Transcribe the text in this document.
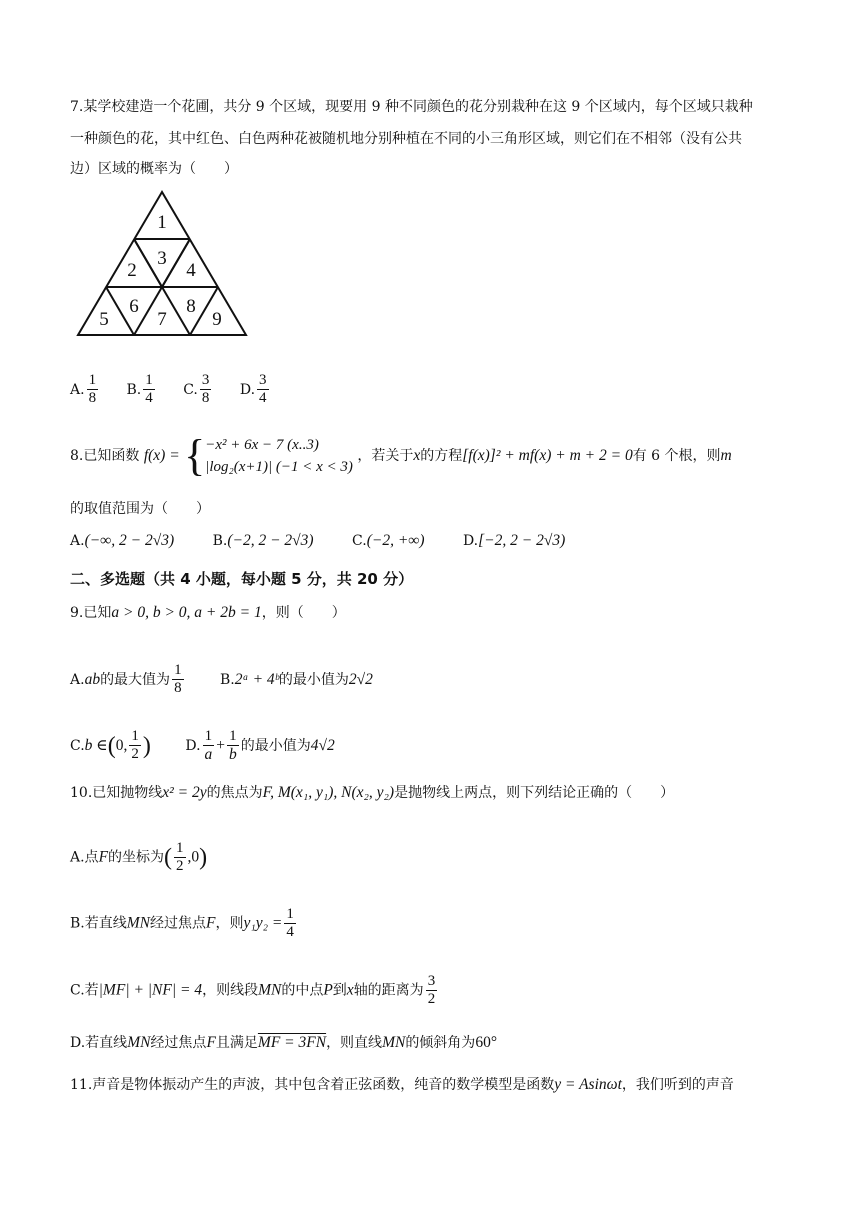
7.某学校建造一个花圃，共分 9 个区域，现要用 9 种不同颜色的花分别栽种在这 9 个区域内，每个区域只栽种
一种颜色的花，其中红色、白色两种花被随机地分别种植在不同的小三角形区域，则它们在不相邻（没有公共
边）区域的概率为（　　）
1
2
3
4
5
6
7
8
9
A. $\frac{1}{8} B$. $\frac{1}{4} C$. $\frac{3}{8} D$. $\frac{3}{4}$
8.已知函数 f(x) = { −x² + 6x − 7 (x..3)
|log₂(x+1)| (−1 < x < 3)
，若关于x的方程[f(x)]² + mf(x) + m + 2 = 0有 6 个根，则m
的取值范围为（　　）
A.(−∞, 2 − 2√3)	B.(−2, 2 − 2√3)	C.(−2, +∞)	D.[−2, 2 − 2√3)
二、多选题（共 4 小题，每小题 5 分，共 20 分）
9.已知a > 0, b > 0, a + 2b = 1，则（　　）
A.ab的最大值为 $\frac{1}{8}$	B.2ᵃ + 4ᵇ的最小值为2√2
C.b ∈(0, $\frac{1}{2}$ ) D. $\frac{1}{a} + \frac{1}{b}$ 的最小值为4√2
10.已知抛物线x² = 2y的焦点为F, M(x₁, y₁), N(x₂, y₂)是抛物线上两点，则下列结论正确的（　　）
A.点F的坐标为( $\frac{1}{2} ,0$)
B.若直线MN经过焦点F，则$y_1y_2 = \frac{1}{4}$
C.若|MF| + |NF| = 4，则线段MN的中点P到x轴的距离为 $\frac{3}{2}$
D.若直线MN经过焦点F且满足MF = 3FN，则直线MN的倾斜角为60°
11.声音是物体振动产生的声波，其中包含着正弦函数，纯音的数学模型是函数y = Asinωt，我们听到的声音
